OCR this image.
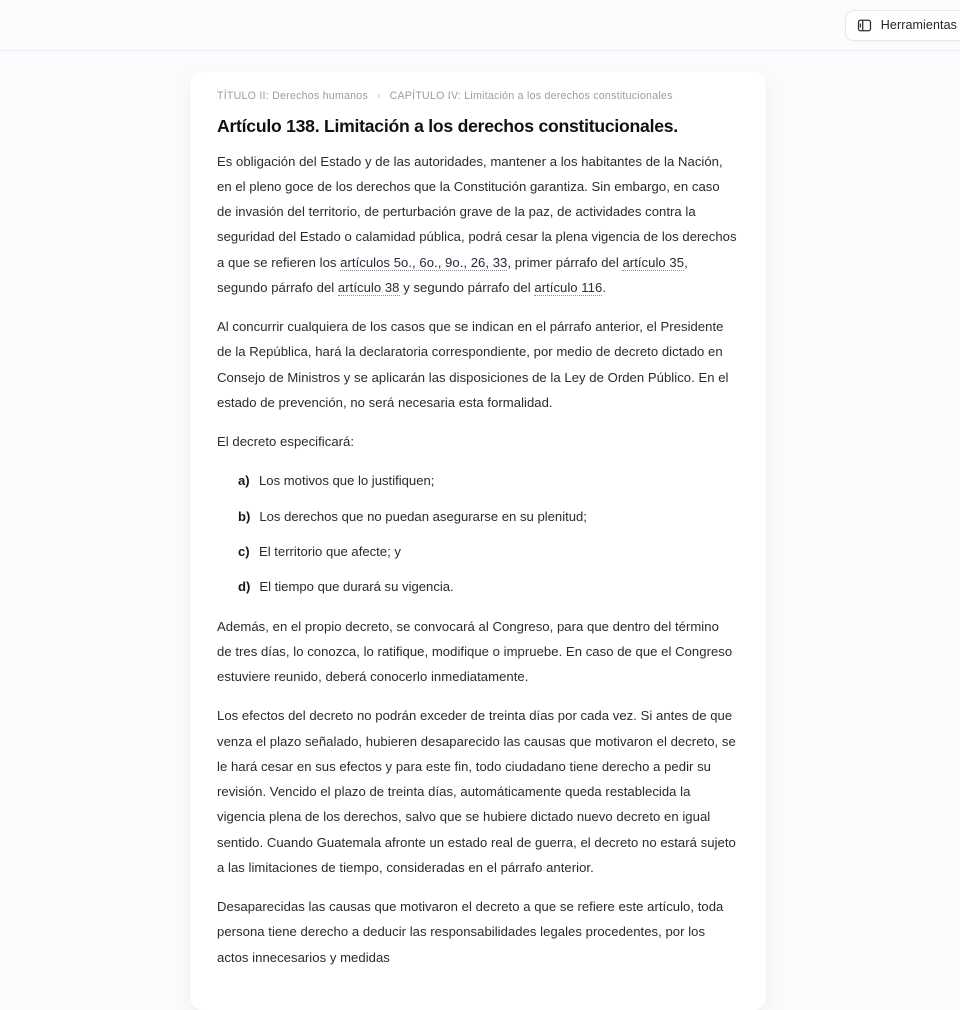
Herramientas
TÍTULO II: Derechos humanos › CAPÍTULO IV: Limitación a los derechos constitucionales
Artículo 138. Limitación a los derechos constitucionales.

Es obligación del Estado y de las autoridades, mantener a los habitantes de la Nación, en el pleno goce de los derechos que la Constitución garantiza. Sin embargo, en caso de invasión del territorio, de perturbación grave de la paz, de actividades contra la seguridad del Estado o calamidad pública, podrá cesar la plena vigencia de los derechos a que se refieren los artículos 5o., 6o., 9o., 26, 33, primer párrafo del artículo 35, segundo párrafo del artículo 38 y segundo párrafo del artículo 116.

Al concurrir cualquiera de los casos que se indican en el párrafo anterior, el Presidente de la República, hará la declaratoria correspondiente, por medio de decreto dictado en Consejo de Ministros y se aplicarán las disposiciones de la Ley de Orden Público. En el estado de prevención, no será necesaria esta formalidad.

El decreto especificará:

a) Los motivos que lo justifiquen;
b) Los derechos que no puedan asegurarse en su plenitud;
c) El territorio que afecte; y
d) El tiempo que durará su vigencia.

Además, en el propio decreto, se convocará al Congreso, para que dentro del término de tres días, lo conozca, lo ratifique, modifique o impruebe. En caso de que el Congreso estuviere reunido, deberá conocerlo inmediatamente.

Los efectos del decreto no podrán exceder de treinta días por cada vez. Si antes de que venza el plazo señalado, hubieren desaparecido las causas que motivaron el decreto, se le hará cesar en sus efectos y para este fin, todo ciudadano tiene derecho a pedir su revisión. Vencido el plazo de treinta días, automáticamente queda restablecida la vigencia plena de los derechos, salvo que se hubiere dictado nuevo decreto en igual sentido. Cuando Guatemala afronte un estado real de guerra, el decreto no estará sujeto a las limitaciones de tiempo, consideradas en el párrafo anterior.

Desaparecidas las causas que motivaron el decreto a que se refiere este artículo, toda persona tiene derecho a deducir las responsabilidades legales procedentes, por los actos innecesarios y medidas
